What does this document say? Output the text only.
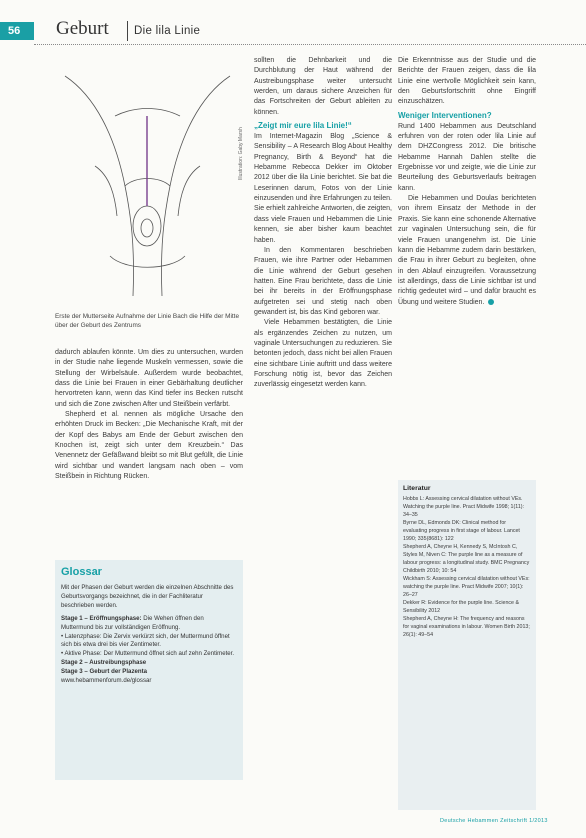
56	Geburt Die lila Linie
Illustration: Gaby Marsh
Erste der Mutterseite Aufnahme der Linie Bach die Hilfe der Mitte über der Geburt des Zentrums

dadurch ablaufen könnte. Um dies zu untersuchen, wurden in der Studie nahe liegende Muskeln vermessen, sowie die Stellung der Wirbelsäule. Außerdem wurde beobachtet, dass die Linie bei Frauen in einer Gebärhaltung deutlicher hervortreten kann, wenn das Kind tiefer ins Becken rutscht und sich die Zone zwischen After und Steißbein verfärbt.

Shepherd et al. nennen als mögliche Ursache den erhöhten Druck im Becken: „Die Mechanische Kraft, mit der der Kopf des Babys am Ende der Geburt zwischen den Knochen ist, zeigt sich unter dem Kreuzbein.“ Das Venennetz der Gefäßwand bleibt so mit Blut gefüllt, die Linie wird sichtbar und wandert langsam nach oben – vom Steißbein in Richtung Rücken.

Glossar

Mit der Phasen der Geburt werden die einzelnen Abschnitte des Geburtsvorgangs bezeichnet, die in der Fachliteratur beschrieben werden.

Stage 1 – Eröffnungsphase: Die Wehen öffnen den Muttermund bis zur vollständigen Eröffnung.

• Latenzphase: Die Zervix verkürzt sich, der Muttermund öffnet sich bis etwa drei bis vier Zentimeter.

• Aktive Phase: Der Muttermund öffnet sich auf zehn Zentimeter.

Stage 2 – Austreibungsphase

Stage 3 – Geburt der Plazenta

www.hebammenforum.de/glossar

sollten die Dehnbarkeit und die Durchblutung der Haut während der Austreibungsphase weiter untersucht werden, um daraus sichere Anzeichen für das Fortschreiten der Geburt ableiten zu können.

„Zeigt mir eure lila Linie!“

Im Internet-Magazin Blog „Science & Sensibility – A Research Blog About Healthy Pregnancy, Birth & Beyond“ hat die Hebamme Rebecca Dekker im Oktober 2012 über die lila Linie berichtet. Sie bat die Leserinnen darum, Fotos von der Linie einzusenden und ihre Erfahrungen zu teilen. Sie erhielt zahlreiche Antworten, die zeigten, dass viele Frauen und Hebammen die Linie kennen, sie aber bisher kaum beachtet haben.

In den Kommentaren beschrieben Frauen, wie ihre Partner oder Hebammen die Linie während der Geburt gesehen hatten. Eine Frau berichtete, dass die Linie bei ihr bereits in der Eröffnungsphase aufgetreten sei und stetig nach oben gewandert ist, bis das Kind geboren war.

Viele Hebammen bestätigten, die Linie als ergänzendes Zeichen zu nutzen, um vaginale Untersuchungen zu reduzieren. Sie betonten jedoch, dass nicht bei allen Frauen eine sichtbare Linie auftritt und dass weitere Forschung nötig ist, bevor das Zeichen zuverlässig eingesetzt werden kann.

Die Erkenntnisse aus der Studie und die Berichte der Frauen zeigen, dass die lila Linie eine wertvolle Möglichkeit sein kann, den Geburtsfortschritt ohne Eingriff einzuschätzen.

Weniger Interventionen?

Rund 1400 Hebammen aus Deutschland erfuhren von der roten oder lila Linie auf dem DHZCongress 2012. Die britische Hebamme Hannah Dahlen stellte die Ergebnisse vor und zeigte, wie die Linie zur Beurteilung des Geburtsverlaufs beitragen kann.

Die Hebammen und Doulas berichteten von ihrem Einsatz der Methode in der Praxis. Sie kann eine schonende Alternative zur vaginalen Untersuchung sein, die für viele Frauen unangenehm ist. Die Linie kann die Hebamme zudem darin bestärken, die Frau in ihrer Geburt zu begleiten, ohne in den Ablauf einzugreifen. Voraussetzung ist allerdings, dass die Linie sichtbar ist und richtig gedeutet wird – und dafür braucht es Übung und weitere Studien.

Literatur

Hobbs L: Assessing cervical dilatation without VEs. Watching the purple line. Pract Midwife 1998; 1(11): 34–35

Byrne DL, Edmonds DK: Clinical method for evaluating progress in first stage of labour. Lancet 1990; 335(8681): 122

Shepherd A, Cheyne H, Kennedy S, McIntosh C, Styles M, Niven C: The purple line as a measure of labour progress: a longitudinal study. BMC Pregnancy Childbirth 2010; 10: 54

Wickham S: Assessing cervical dilatation without VEs: watching the purple line. Pract Midwife 2007; 10(1): 26–27

Dekker R: Evidence for the purple line. Science & Sensibility 2012

Shepherd A, Cheyne H: The frequency and reasons for vaginal examinations in labour. Women Birth 2013; 26(1): 49–54

Deutsche Hebammen Zeitschrift 1/2013
